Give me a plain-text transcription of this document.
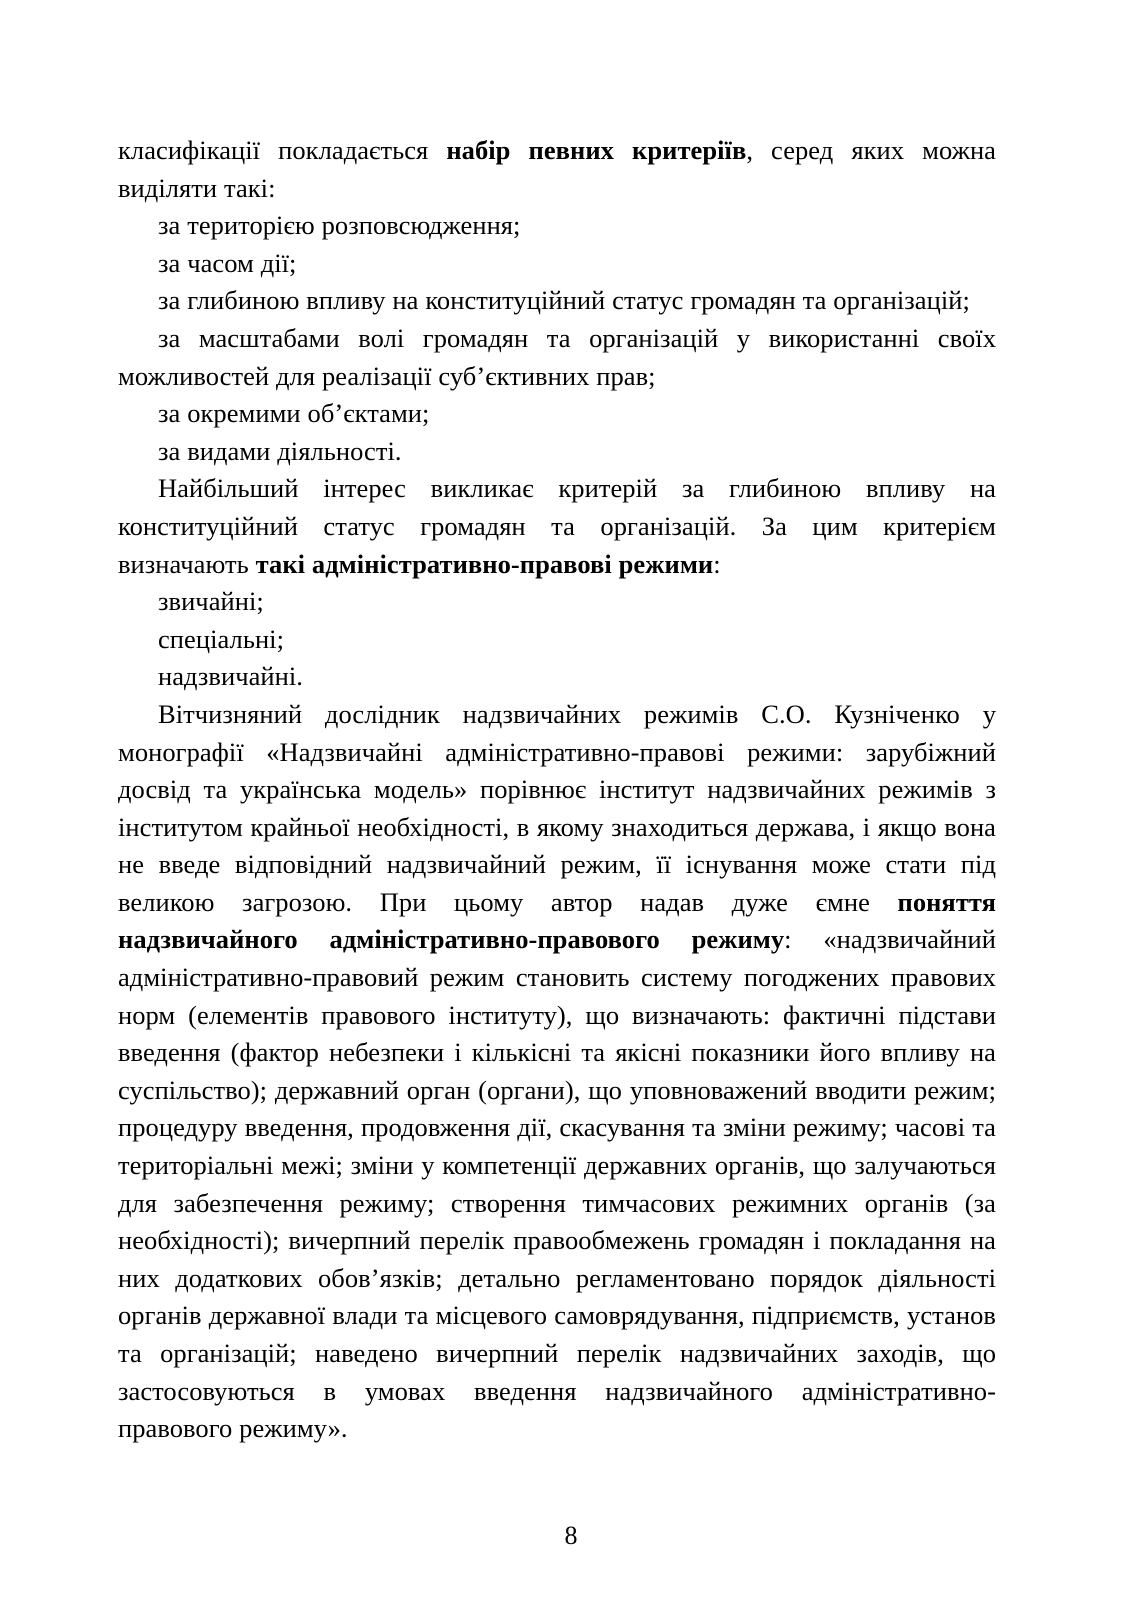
класифікації покладається набір певних критеріїв, серед яких можна виділяти такі:

за територією розповсюдження;

за часом дії;

за глибиною впливу на конституційний статус громадян та організацій;

за масштабами волі громадян та організацій у використанні своїх можливостей для реалізації суб’єктивних прав;

за окремими об’єктами;

за видами діяльності.

Найбільший інтерес викликає критерій за глибиною впливу на конституційний статус громадян та організацій. За цим критерієм визначають такі адміністративно-правові режими:

звичайні;

спеціальні;

надзвичайні.

Вітчизняний дослідник надзвичайних режимів С.О. Кузніченко у монографії «Надзвичайні адміністративно-правові режими: зарубіжний досвід та українська модель» порівнює інститут надзвичайних режимів з інститутом крайньої необхідності, в якому знаходиться держава, і якщо вона не введе відповідний надзвичайний режим, її існування може стати під великою загрозою. При цьому автор надав дуже ємне поняття надзвичайного адміністративно-правового режиму: «надзвичайний адміністративно-правовий режим становить систему погоджених правових норм (елементів правового інституту), що визначають: фактичні підстави введення (фактор небезпеки і кількісні та якісні показники його впливу на суспільство); державний орган (органи), що уповноважений вводити режим; процедуру введення, продовження дії, скасування та зміни режиму; часові та територіальні межі; зміни у компетенції державних органів, що залучаються для забезпечення режиму; створення тимчасових режимних органів (за необхідності); вичерпний перелік правообмежень громадян і покладання на них додаткових обов’язків; детально регламентовано порядок діяльності органів державної влади та місцевого самоврядування, підприємств, установ та організацій; наведено вичерпний перелік надзвичайних заходів, що застосовуються в умовах введення надзвичайного адміністративно-правового режиму».

8
